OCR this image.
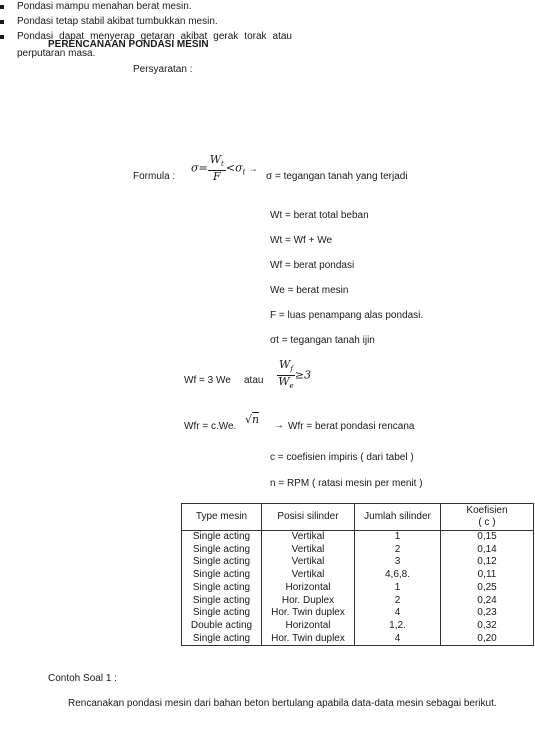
PERENCANAAN PONDASI MESIN
Persyaratan :
Pondasi mampu menahan berat mesin.
Pondasi tetap stabil akibat tumbukkan mesin.
Pondasi dapat menyerap getaran akibat gerak torak atau perputaran masa.
Formula :
$\sigma= \frac{W_t}{F} <\sigma_t$ →
σ = tegangan tanah yang terjadi
Wt = berat total beban
Wt = Wf + We
Wf = berat pondasi
We = berat mesin
F = luas penampang alas pondasi.
σt = tegangan tanah ijin
Wf = 3 We atau $\frac{W_f}{W_e} \ge 3$
Wfr = c.We.
√n → Wfr = berat pondasi rencana
c = coefisien impiris ( dari tabel )
n = RPM ( ratasi mesin per menit )
Type mesin	Posisi silinder	Jumlah silinder	Koefisien
( c )
Single acting	Vertikal	1	0,15
Single acting	Vertikal	2	0,14
Single acting	Vertikal	3	0,12
Single acting	Vertikal	4,6,8.	0,11
Single acting	Horizontal	1	0,25
Single acting	Hor. Duplex	2	0,24
Single acting	Hor. Twin duplex	4	0,23
Double acting	Horizontal	1,2.	0,32
Single acting	Hor. Twin duplex	4	0,20
Contoh Soal 1 :
Rencanakan pondasi mesin dari bahan beton bertulang apabila data-data mesin sebagai berikut.
